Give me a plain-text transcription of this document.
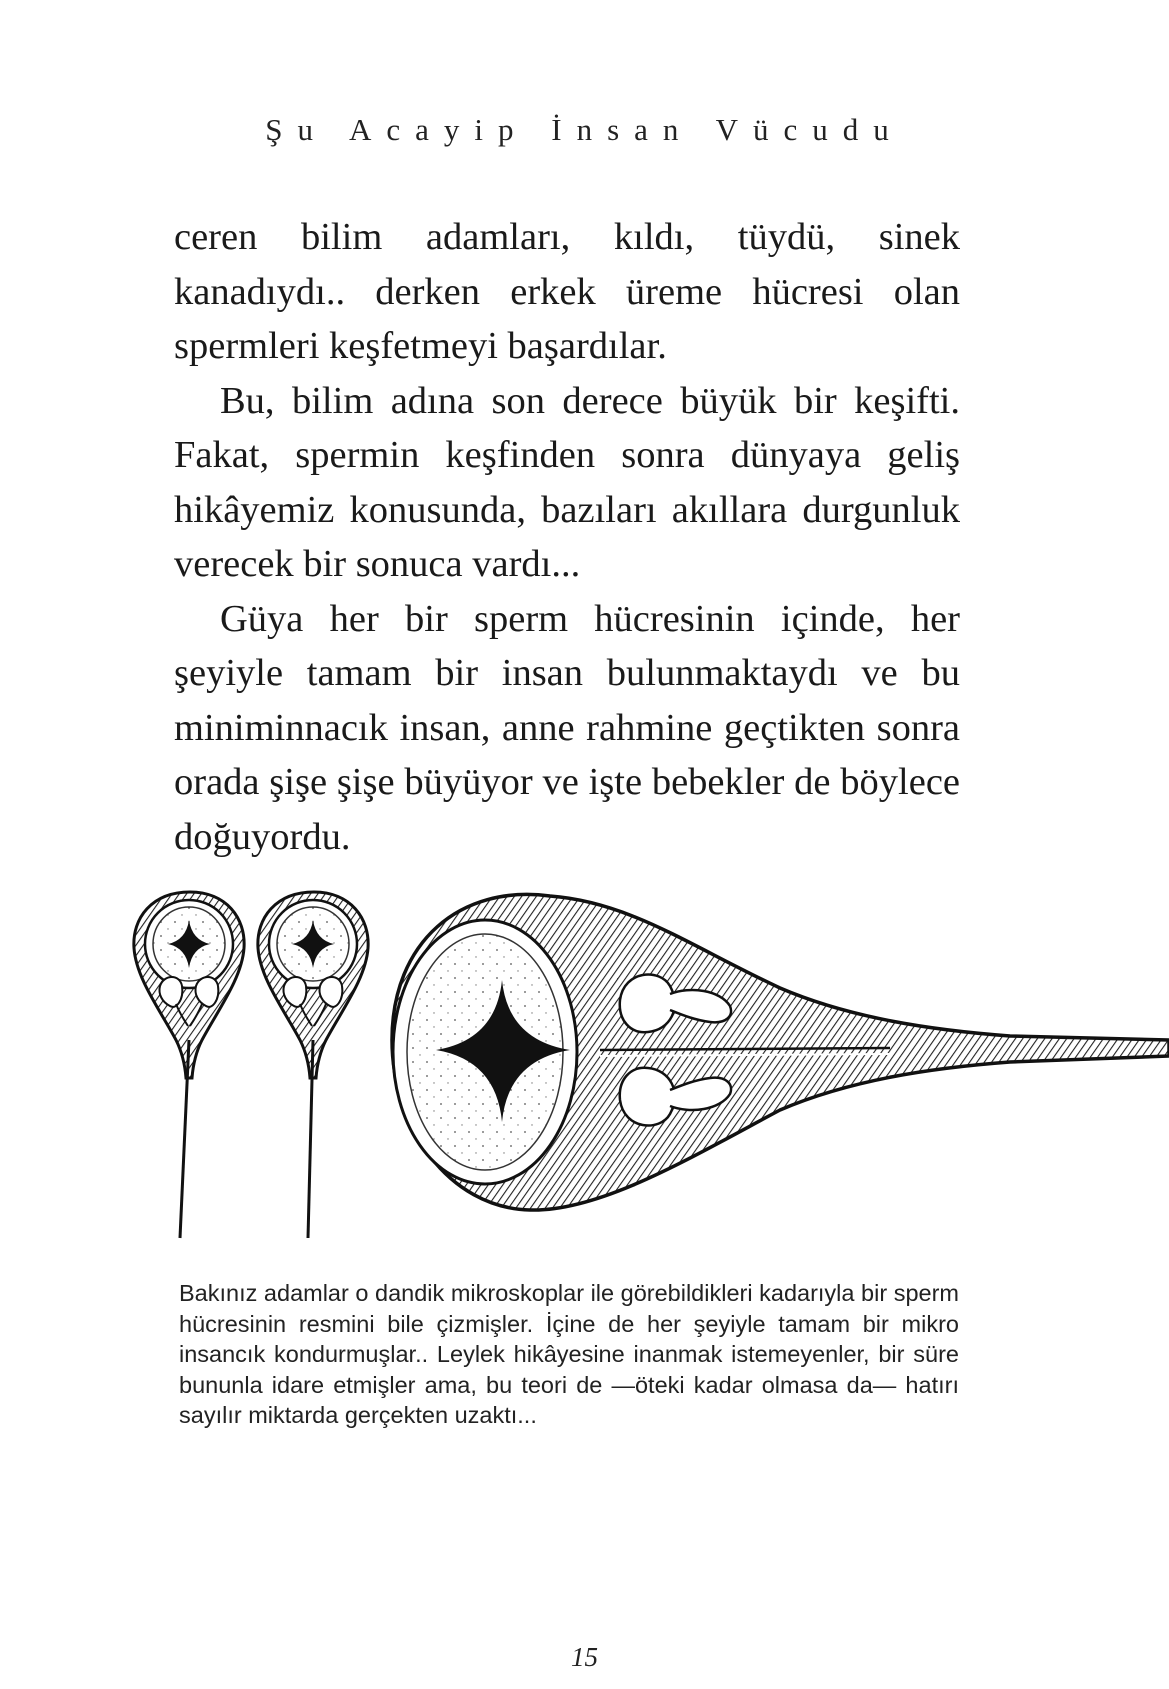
Şu Acayip İnsan Vücudu

ceren bilim adamları, kıldı, tüydü, sinek kanadıydı.. derken erkek üreme hücresi olan spermleri keşfetmeyi başardılar.

Bu, bilim adına son derece büyük bir keşifti. Fakat, spermin keşfinden sonra dünyaya geliş hikâyemiz konusunda, bazıları akıllara durgunluk verecek bir sonuca vardı...

Güya her bir sperm hücresinin içinde, her şeyiyle tamam bir insan bulunmaktaydı ve bu miniminnacık insan, anne rahmine geçtikten sonra orada şişe şişe büyüyor ve işte bebekler de böylece doğuyordu.

Bakınız adamlar o dandik mikroskoplar ile görebildikleri kadarıyla bir sperm hücresinin resmini bile çizmişler. İçine de her şeyiyle tamam bir mikro insancık kondurmuşlar.. Leylek hikâyesine inanmak istemeyenler, bir süre bununla idare etmişler ama, bu teori de —öteki kadar olmasa da— hatırı sayılır miktarda gerçekten uzaktı...

15
